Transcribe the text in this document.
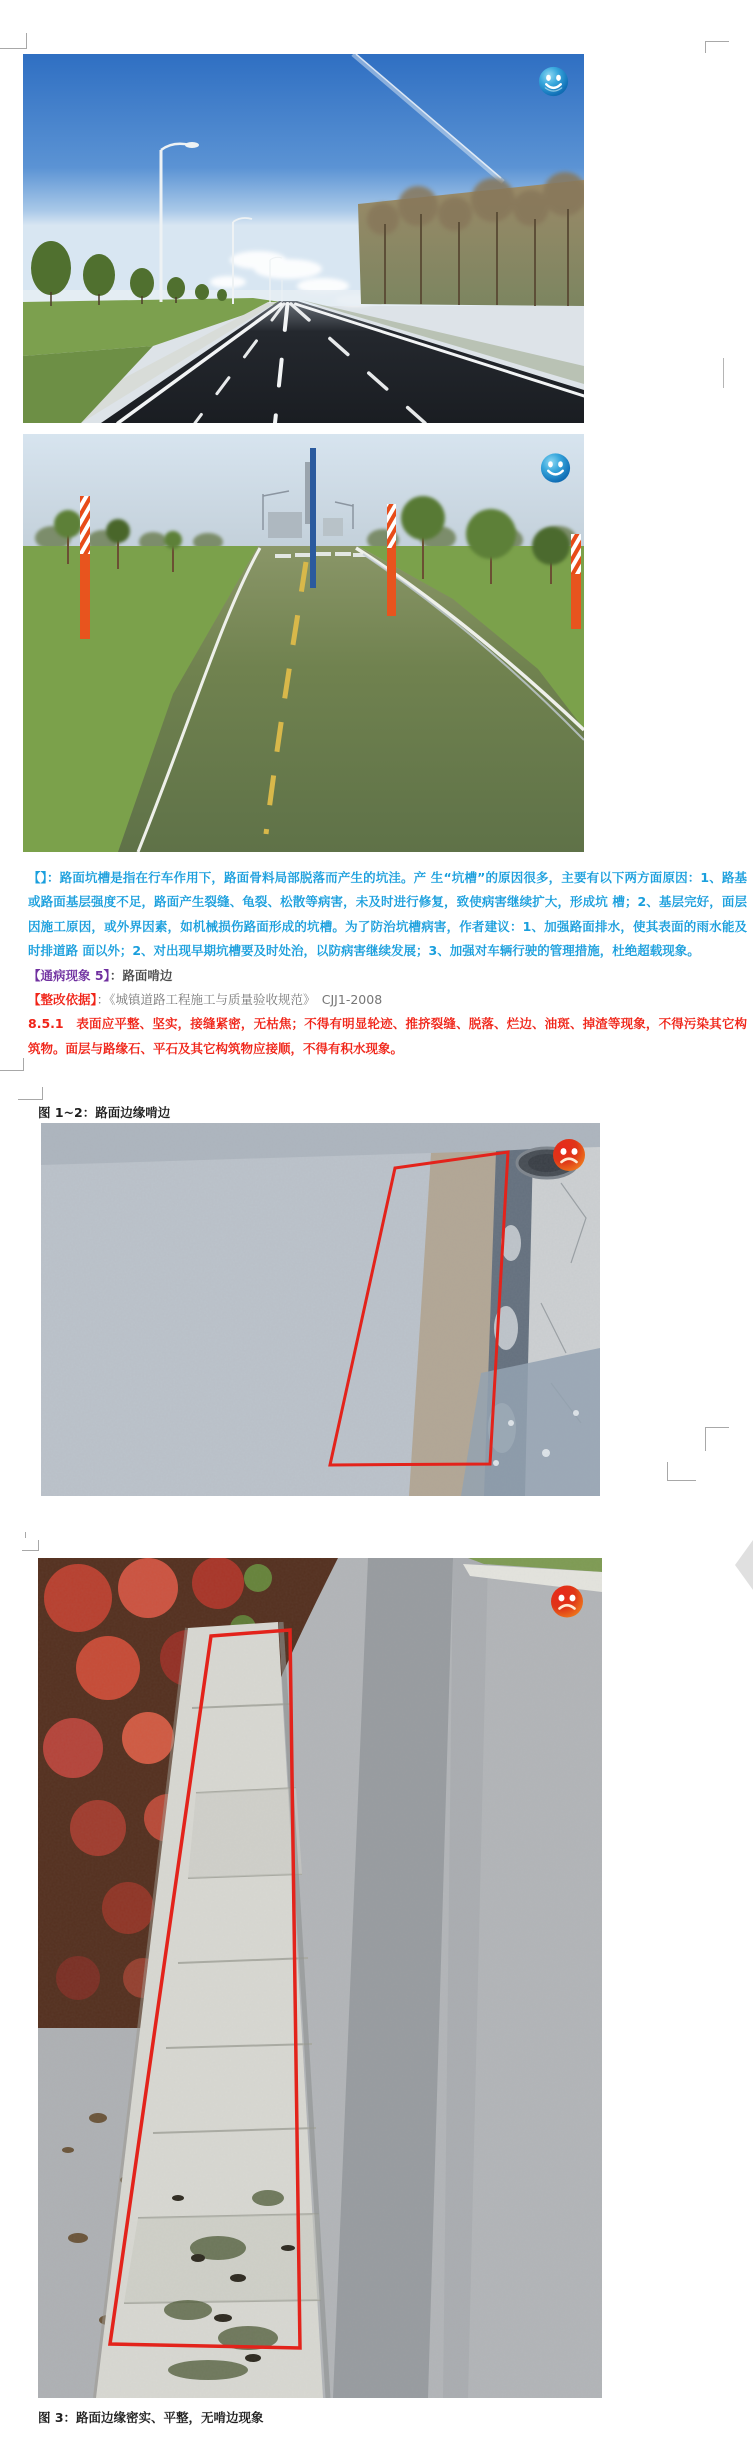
【】：路面坑槽是指在行车作用下，路面骨料局部脱落而产生的坑洼。产 生“坑槽”的原因很多，主要有以下两方面原因：1、路基或路面基层强度不足，路面产生裂缝、龟裂、松散等病害，未及时进行修复，致使病害继续扩大，形成坑 槽；2、基层完好，面层因施工原因，或外界因素，如机械损伤路面形成的坑槽。为了防治坑槽病害，作者建议：1、加强路面排水，使其表面的雨水能及时排道路 面以外；2、对出现早期坑槽要及时处治，以防病害继续发展；3、加强对车辆行驶的管理措施，杜绝超载现象。

【通病现象 5】：路面啃边

【整改依据】：《城镇道路工程施工与质量验收规范》　CJJ1-2008

8.5.1　表面应平整、坚实，接缝紧密，无枯焦；不得有明显轮迹、推挤裂缝、脱落、烂边、油斑、掉渣等现象，不得污染其它构筑物。面层与路缘石、平石及其它构筑物应接顺，不得有积水现象。

图 1~2：路面边缘啃边
图 3：路面边缘密实、平整，无啃边现象
